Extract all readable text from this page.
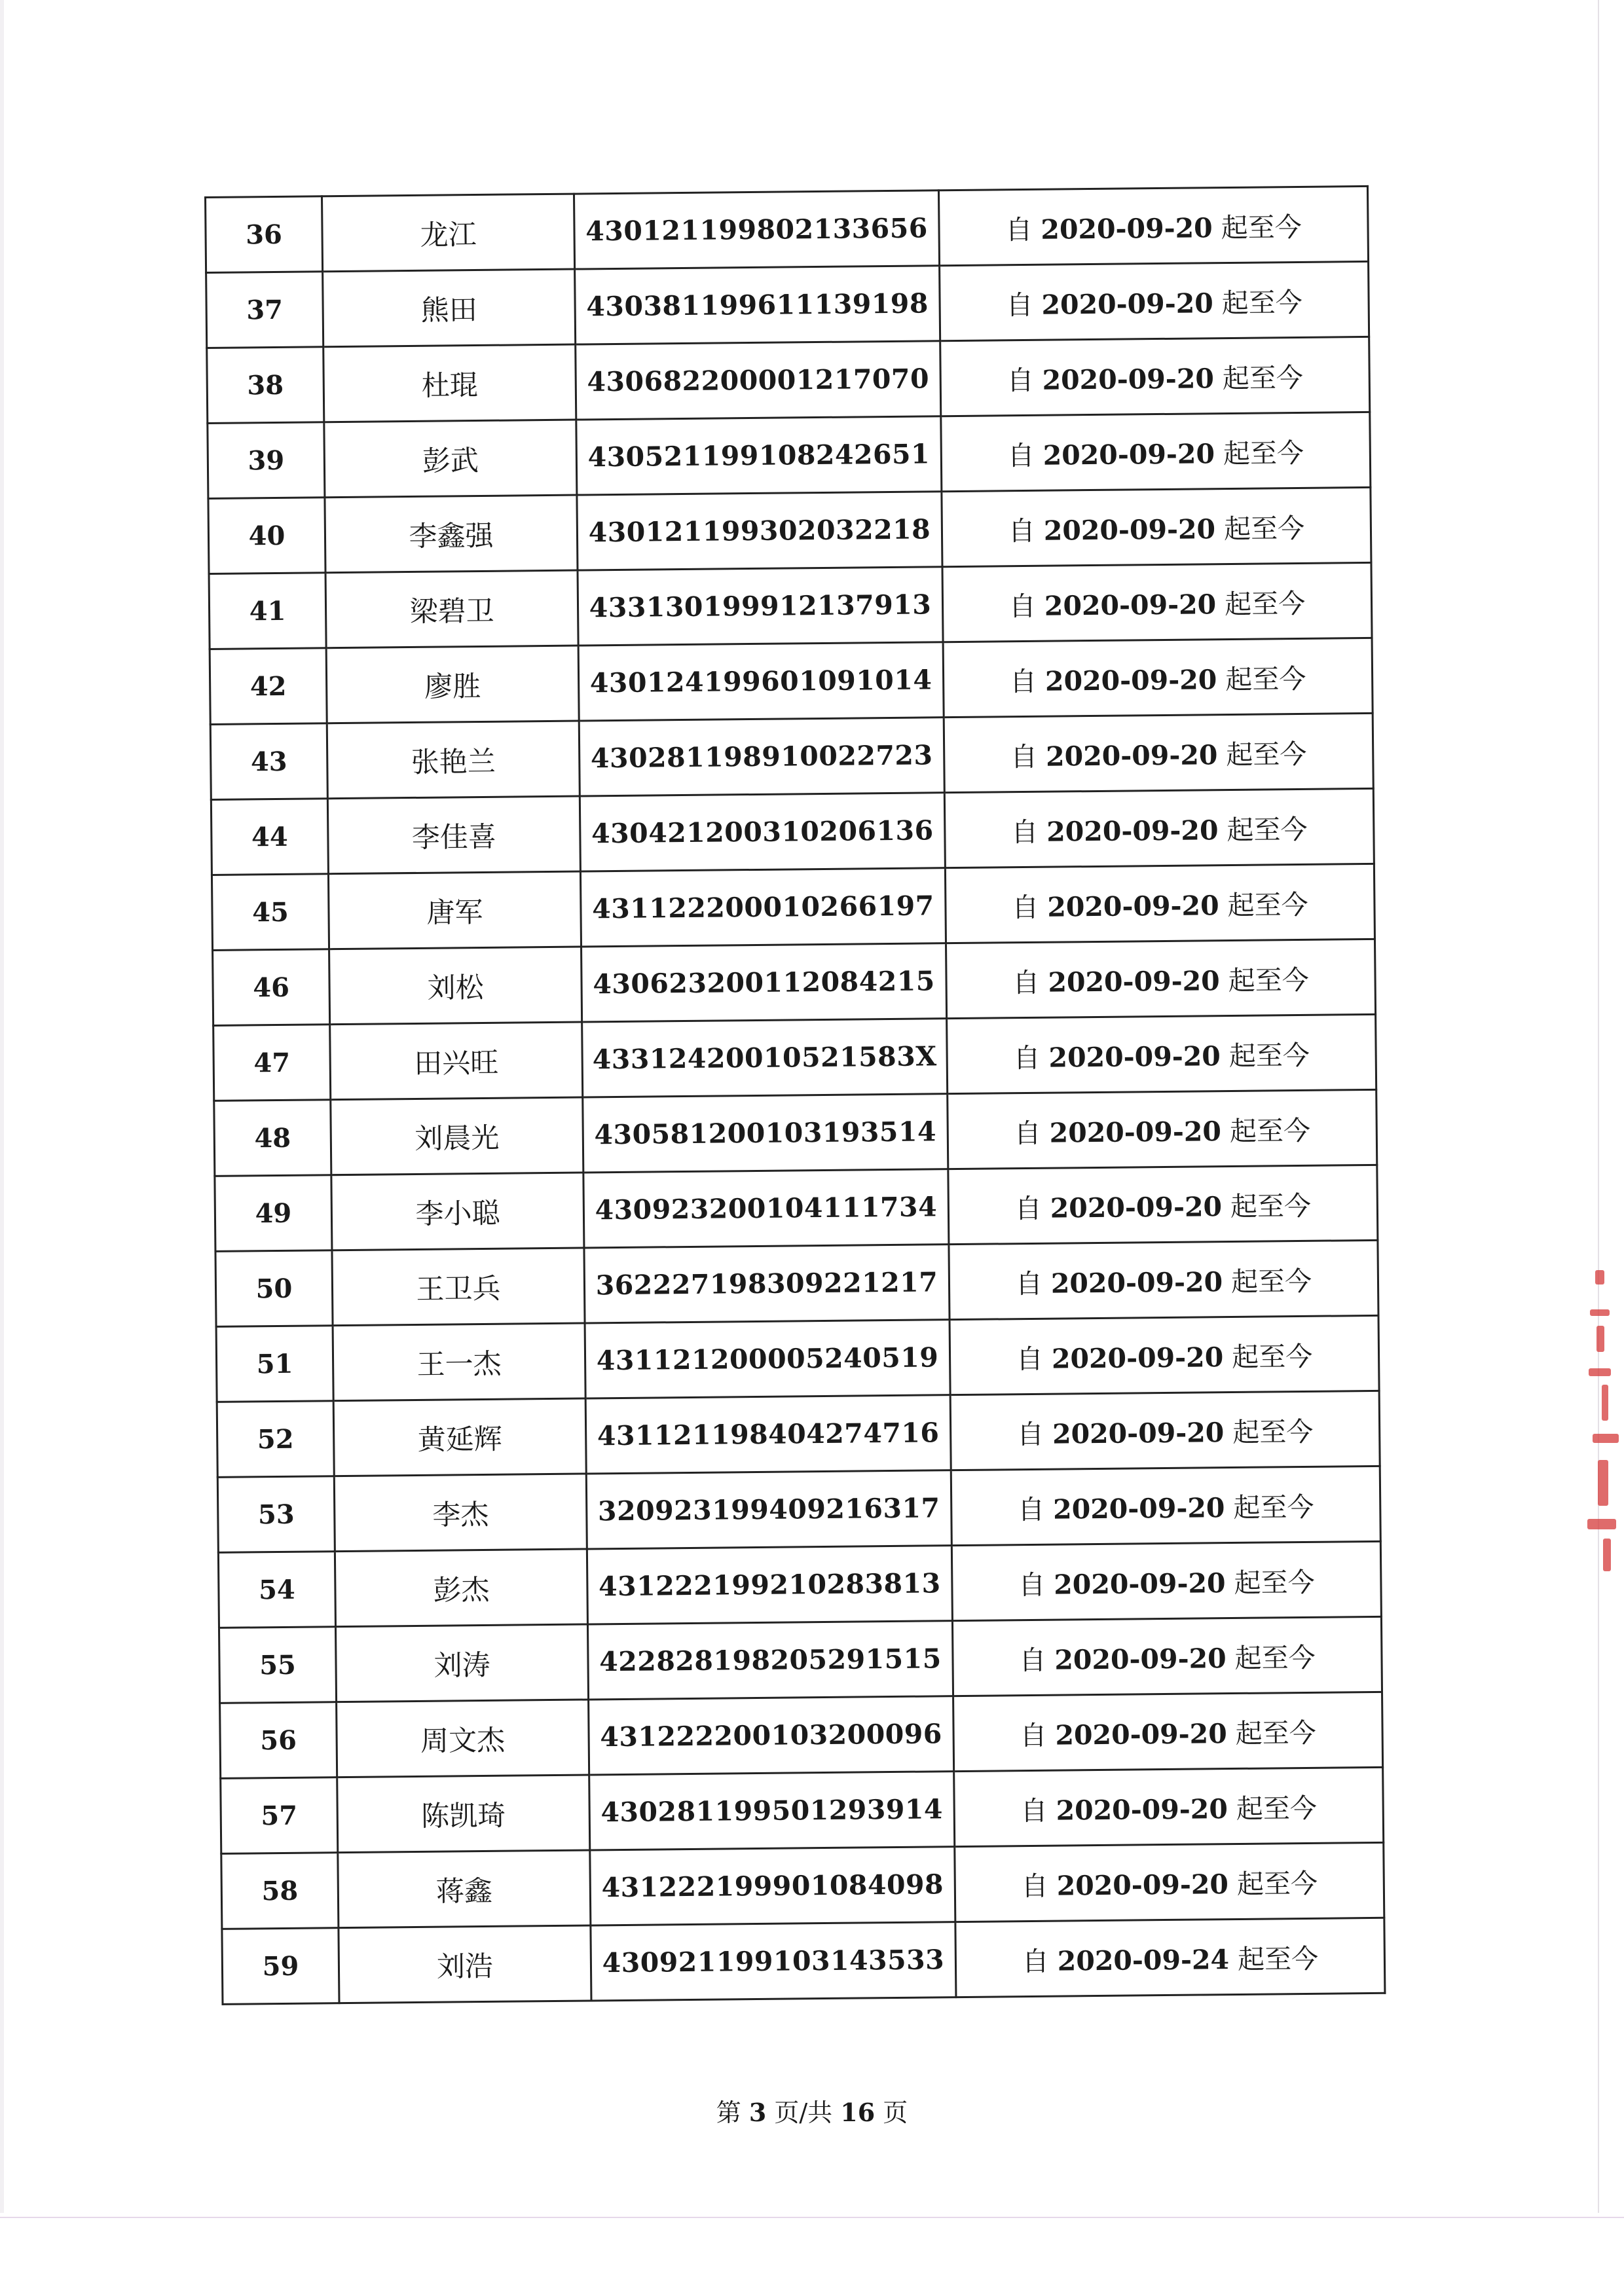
36	龙江	430121199802133656	自 2020-09-20 起至今
37	熊田	430381199611139198	自 2020-09-20 起至今
38	杜琨	430682200001217070	自 2020-09-20 起至今
39	彭武	430521199108242651	自 2020-09-20 起至今
40	李鑫强	430121199302032218	自 2020-09-20 起至今
41	梁碧卫	433130199912137913	自 2020-09-20 起至今
42	廖胜	430124199601091014	自 2020-09-20 起至今
43	张艳兰	430281198910022723	自 2020-09-20 起至今
44	李佳喜	430421200310206136	自 2020-09-20 起至今
45	唐军	431122200010266197	自 2020-09-20 起至今
46	刘松	430623200112084215	自 2020-09-20 起至今
47	田兴旺	43312420010521583X	自 2020-09-20 起至今
48	刘晨光	430581200103193514	自 2020-09-20 起至今
49	李小聪	430923200104111734	自 2020-09-20 起至今
50	王卫兵	362227198309221217	自 2020-09-20 起至今
51	王一杰	431121200005240519	自 2020-09-20 起至今
52	黄延辉	431121198404274716	自 2020-09-20 起至今
53	李杰	320923199409216317	自 2020-09-20 起至今
54	彭杰	431222199210283813	自 2020-09-20 起至今
55	刘涛	422828198205291515	自 2020-09-20 起至今
56	周文杰	431222200103200096	自 2020-09-20 起至今
57	陈凯琦	430281199501293914	自 2020-09-20 起至今
58	蒋鑫	431222199901084098	自 2020-09-20 起至今
59	刘浩	430921199103143533	自 2020-09-24 起至今
第 3 页/共 16 页
